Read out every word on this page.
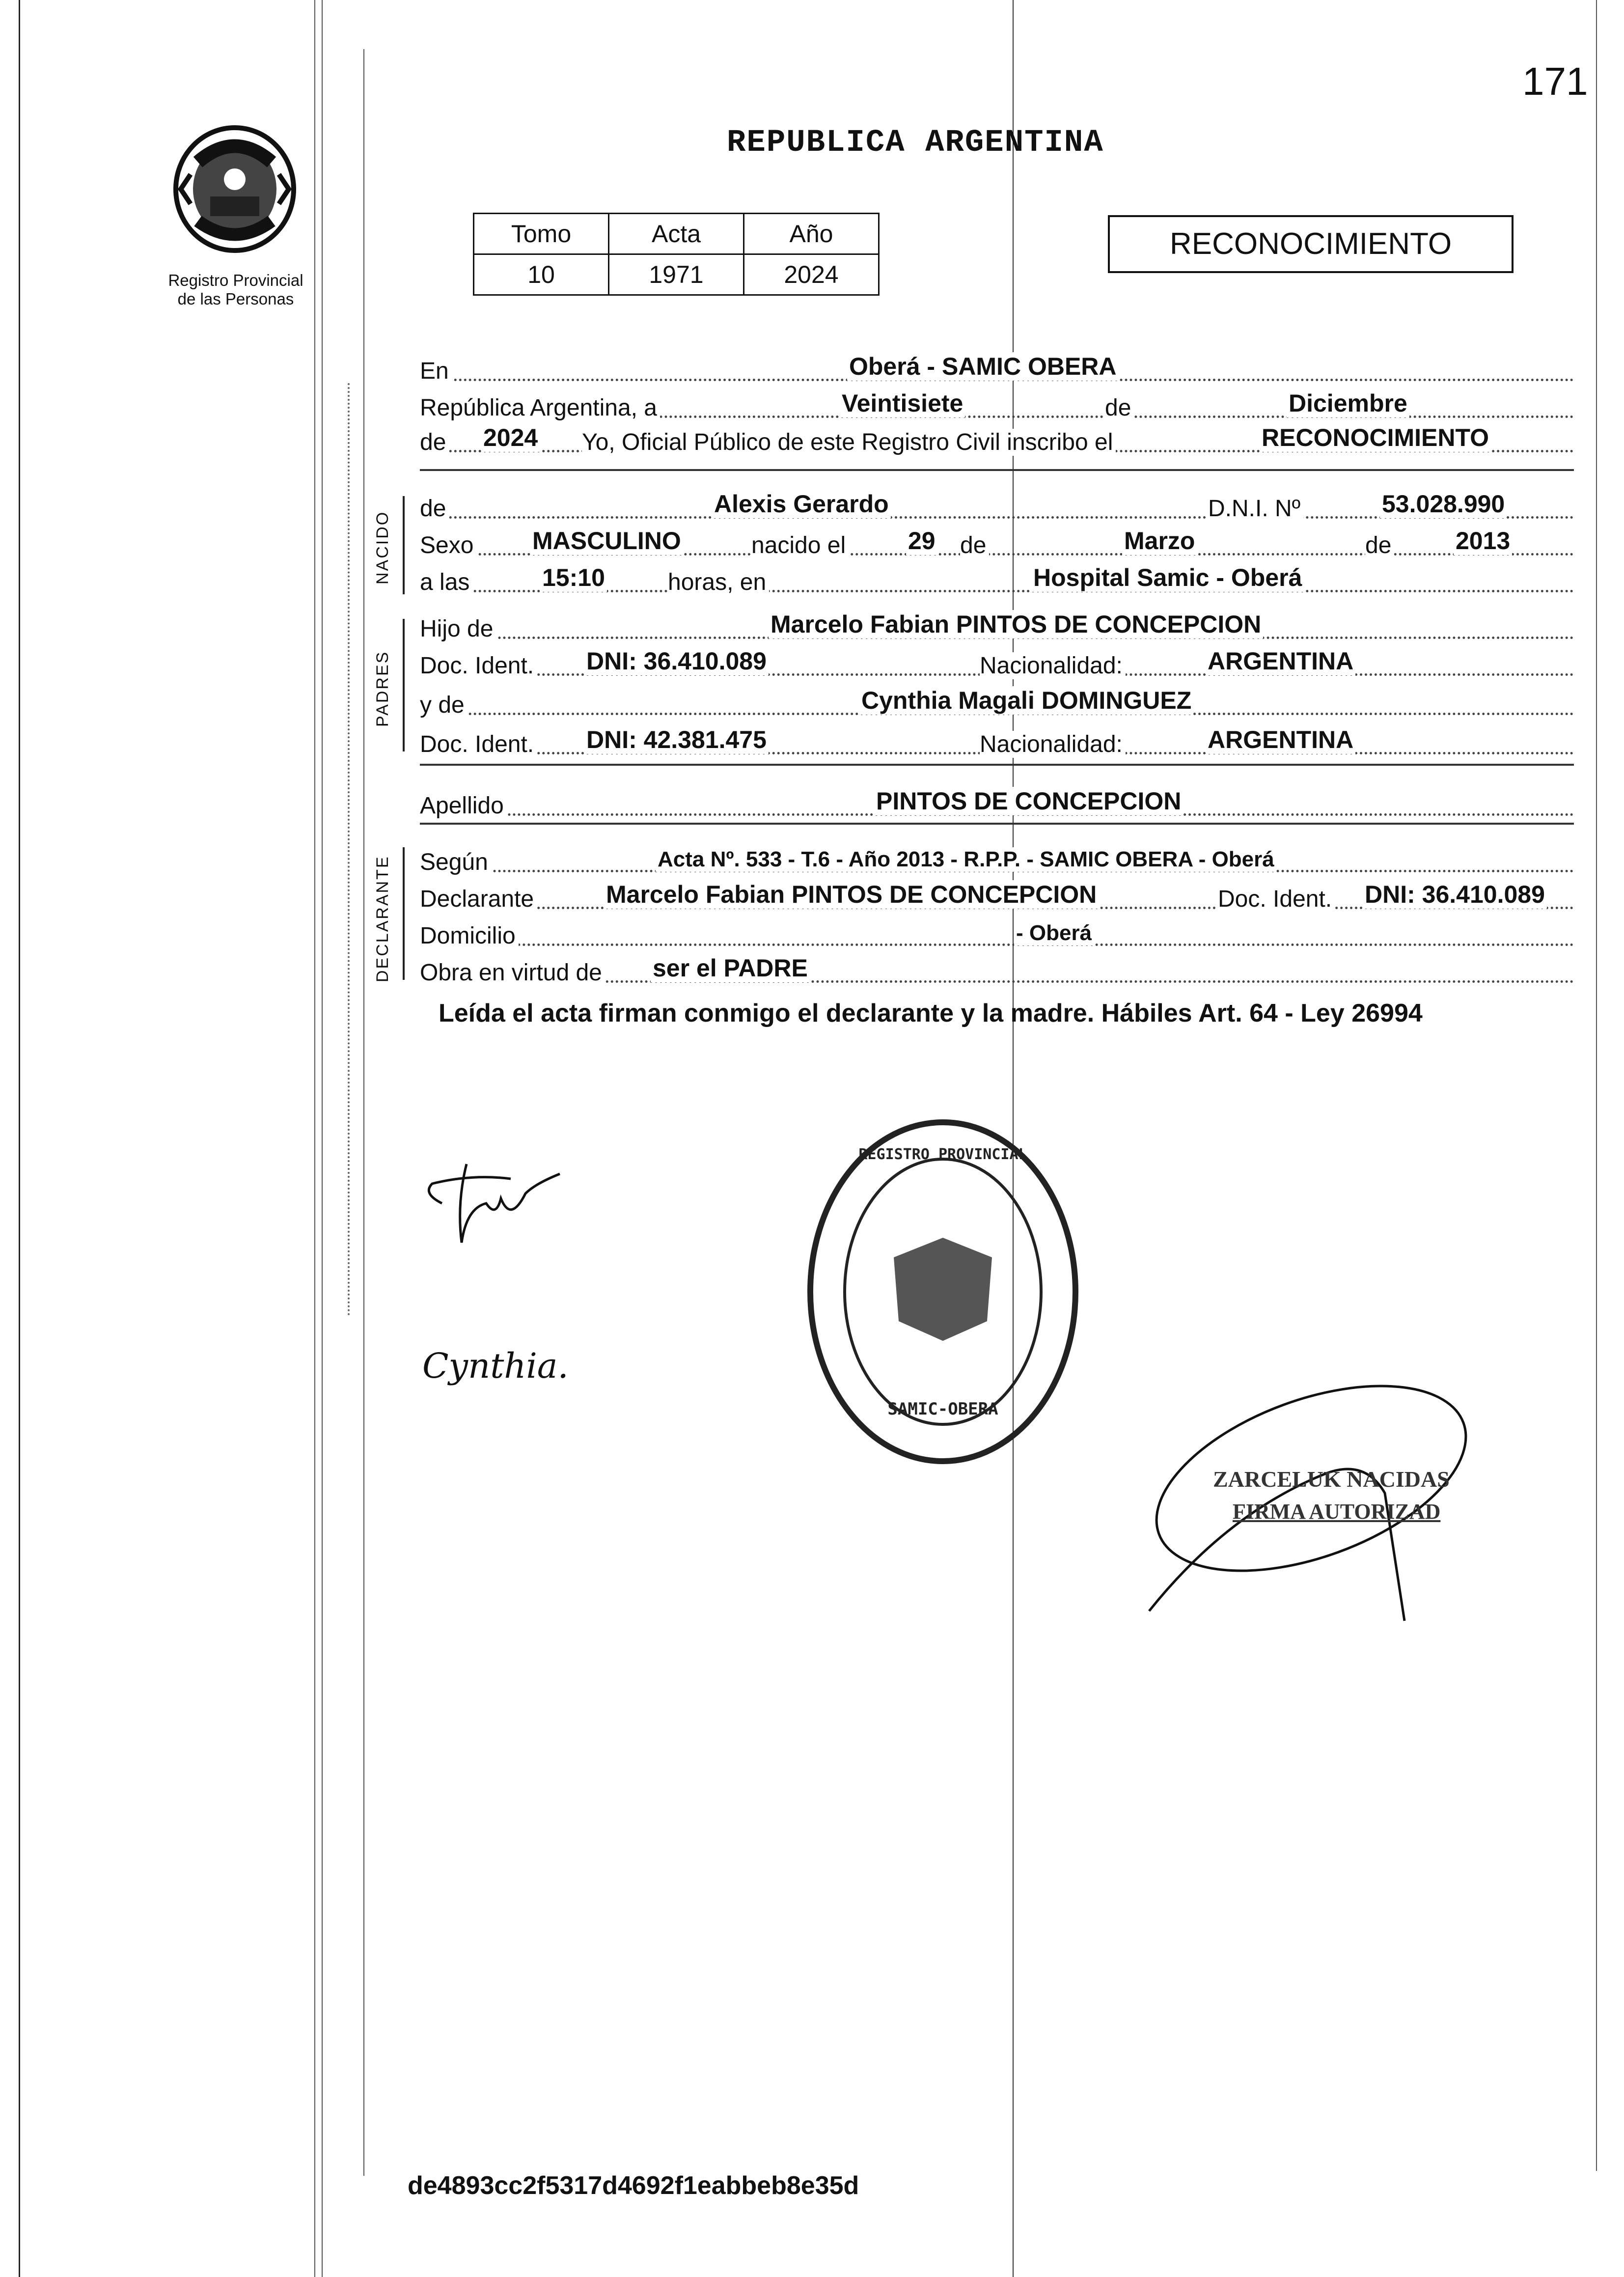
171
Registro Provincial
de las Personas
REPUBLICA ARGENTINA
Tomo	Acta	Año
10	1971	2024
RECONOCIMIENTO
En	Oberá - SAMIC OBERA
República Argentina, a	Veintisiete	de	Diciembre
de 2024 Yo, Oficial Público de este Registro Civil inscribo el	RECONOCIMIENTO
de	Alexis Gerardo	D.N.I. Nº	53.028.990
Sexo MASCULINO	nacido el	29 de	Marzo	de	2013
a las	15:10	horas, en	Hospital Samic - Oberá
NACIDO
Hijo de	Marcelo Fabian PINTOS DE CONCEPCION
Doc. Ident. DNI: 36.410.089	Nacionalidad:	ARGENTINA
y de	Cynthia Magali DOMINGUEZ
Doc. Ident. DNI: 42.381.475	Nacionalidad:	ARGENTINA
PADRES
Apellido	PINTOS DE CONCEPCION
Según	Acta Nº. 533 - T.6 - Año 2013 - R.P.P. - SAMIC OBERA - Oberá
Declarante	Marcelo Fabian PINTOS DE CONCEPCION	Doc. Ident. DNI: 36.410.089
Domicilio	- Oberá
Obra en virtud de ser el PADRE
DECLARANTE
Leída el acta firman conmigo el declarante y la madre. Hábiles Art. 64 - Ley 26994
Cynthia.
REGISTRO PROVINCIAL
SAMIC-OBERA
ZARCELUK NACIDAS
FIRMA AUTORIZAD
de4893cc2f5317d4692f1eabbeb8e35d
